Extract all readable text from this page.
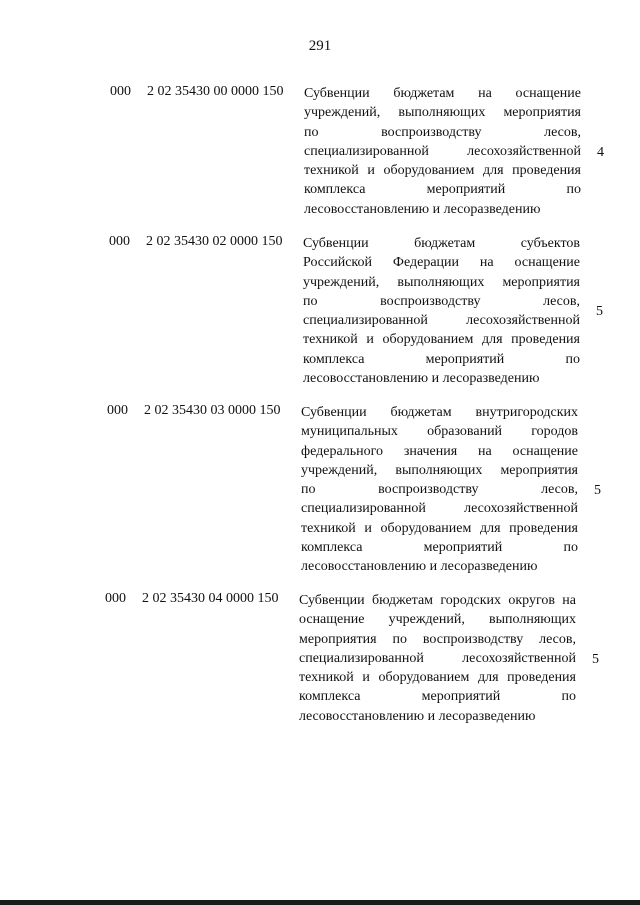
291
000 2 02 35430 00 0000 150 Субвенции бюджетам на оснащение
учреждений, выполняющих мероприятия
по воспроизводству лесов,
специализированной лесохозяйственной
техникой и оборудованием для проведения
комплекса мероприятий по
лесовосстановлению и лесоразведению
4
000 2 02 35430 02 0000 150 Субвенции бюджетам субъектов
Российской Федерации на оснащение
учреждений, выполняющих мероприятия
по воспроизводству лесов,
специализированной лесохозяйственной
техникой и оборудованием для проведения
комплекса мероприятий по
лесовосстановлению и лесоразведению
5
000 2 02 35430 03 0000 150 Субвенции бюджетам внутригородских
муниципальных образований городов
федерального значения на оснащение
учреждений, выполняющих мероприятия
по воспроизводству лесов,
специализированной лесохозяйственной
техникой и оборудованием для проведения
комплекса мероприятий по
лесовосстановлению и лесоразведению
5
000 2 02 35430 04 0000 150 Субвенции бюджетам городских округов на
оснащение учреждений, выполняющих
мероприятия по воспроизводству лесов,
специализированной лесохозяйственной
техникой и оборудованием для проведения
комплекса мероприятий по
лесовосстановлению и лесоразведению
5
